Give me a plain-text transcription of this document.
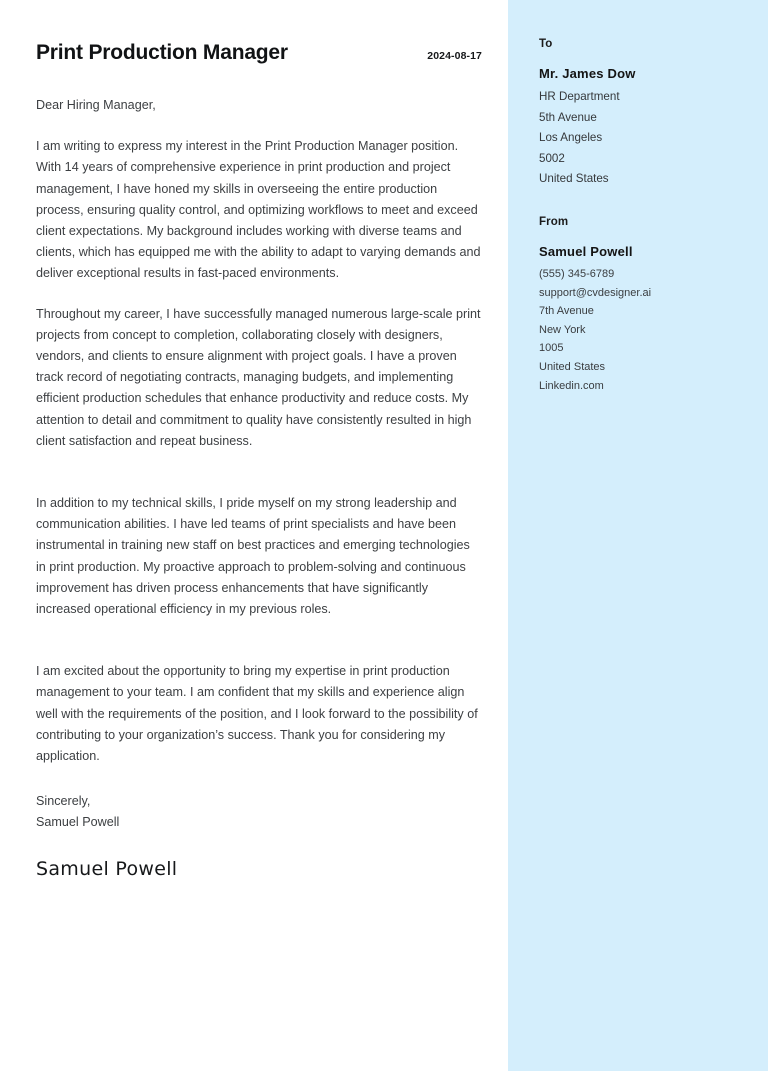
Print Production Manager	2024-08-17

Dear Hiring Manager,

I am writing to express my interest in the Print Production Manager position. With 14 years of comprehensive experience in print production and project management, I have honed my skills in overseeing the entire production process, ensuring quality control, and optimizing workflows to meet and exceed client expectations. My background includes working with diverse teams and clients, which has equipped me with the ability to adapt to varying demands and deliver exceptional results in fast-paced environments.

Throughout my career, I have successfully managed numerous large-scale print projects from concept to completion, collaborating closely with designers, vendors, and clients to ensure alignment with project goals. I have a proven track record of negotiating contracts, managing budgets, and implementing efficient production schedules that enhance productivity and reduce costs. My attention to detail and commitment to quality have consistently resulted in high client satisfaction and repeat business.

In addition to my technical skills, I pride myself on my strong leadership and communication abilities. I have led teams of print specialists and have been instrumental in training new staff on best practices and emerging technologies in print production. My proactive approach to problem-solving and continuous improvement has driven process enhancements that have significantly increased operational efficiency in my previous roles.

I am excited about the opportunity to bring my expertise in print production management to your team. I am confident that my skills and experience align well with the requirements of the position, and I look forward to the possibility of contributing to your organization’s success. Thank you for considering my application.

Sincerely,
Samuel Powell
Samuel Powell
To
Mr. James Dow
HR Department
5th Avenue
Los Angeles
5002
United States
From
Samuel Powell
(555) 345-6789
support@cvdesigner.ai
7th Avenue
New York
1005
United States
Linkedin.com
